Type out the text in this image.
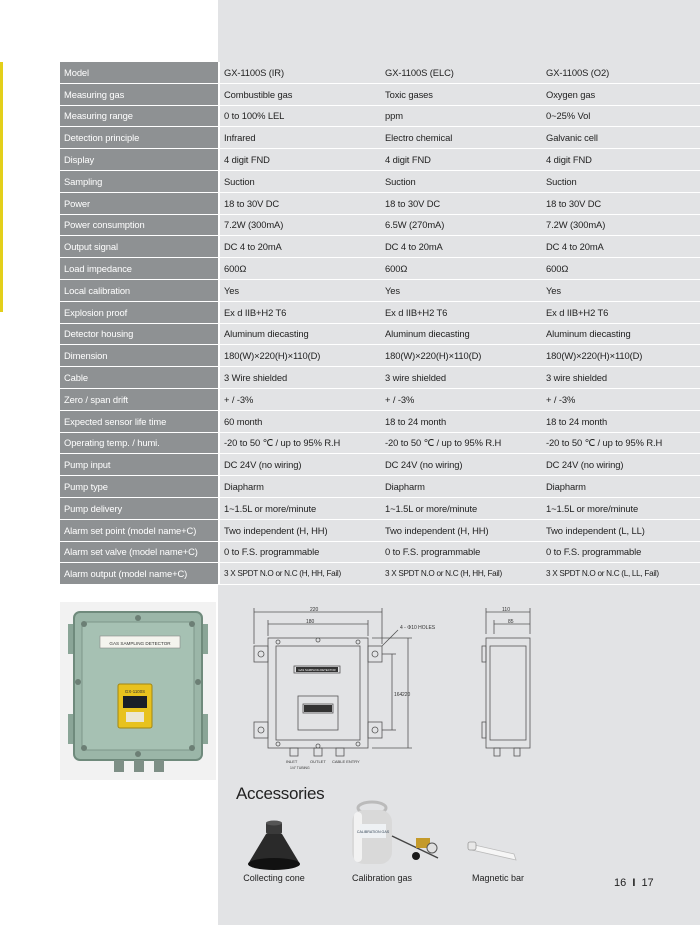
Model	GX-1100S (IR)	GX-1100S (ELC)	GX-1100S (O2)
Measuring gas	Combustible gas	Toxic gases	Oxygen gas
Measuring range	0 to 100% LEL	ppm	0~25% Vol
Detection principle	Infrared	Electro chemical	Galvanic cell
Display	4 digit FND	4 digit FND	4 digit FND
Sampling	Suction	Suction	Suction
Power	18 to 30V DC	18 to 30V DC	18 to 30V DC
Power consumption	7.2W (300mA)	6.5W (270mA)	7.2W (300mA)
Output signal	DC 4 to 20mA	DC 4 to 20mA	DC 4 to 20mA
Load impedance	600Ω	600Ω	600Ω
Local calibration	Yes	Yes	Yes
Explosion proof	Ex d IIB+H2 T6	Ex d IIB+H2 T6	Ex d IIB+H2 T6
Detector housing	Aluminum diecasting	Aluminum diecasting	Aluminum diecasting
Dimension	180(W)×220(H)×110(D)	180(W)×220(H)×110(D)	180(W)×220(H)×110(D)
Cable	3 Wire shielded	3 wire shielded	3 wire shielded
Zero / span drift	+ / -3%	+ / -3%	+ / -3%
Expected sensor life time	60 month	18 to 24 month	18 to 24 month
Operating temp. / humi.	-20 to 50 ℃ / up to 95% R.H	-20 to 50 ℃ / up to 95% R.H	-20 to 50 ℃ / up to 95% R.H
Pump input	DC 24V (no wiring)	DC 24V (no wiring)	DC 24V (no wiring)
Pump type	Diapharm	Diapharm	Diapharm
Pump delivery	1~1.5L or more/minute	1~1.5L or more/minute	1~1.5L or more/minute
Alarm set point (model name+C)	Two independent (H, HH)	Two independent (H, HH)	Two independent (L, LL)
Alarm set valve (model name+C)	0 to F.S. programmable	0 to F.S. programmable	0 to F.S. programmable
Alarm output (model name+C)	3 X SPDT N.O or N.C (H, HH, Fail)	3 X SPDT N.O or N.C (H, HH, Fail)	3 X SPDT N.O or N.C (L, LL, Fail)
GAS SAMPLING DETECTOR
GX-1100S
GAS SAMPLING DETECTOR
220
180
4 - Φ10 HOLES
164 220
110
85
INLET	OUTLET CABLE ENTRY
1/4" TUBING
Accessories
CALIBRATION GAS
Collecting cone	Calibration gas	Magnetic bar	16 I 17
